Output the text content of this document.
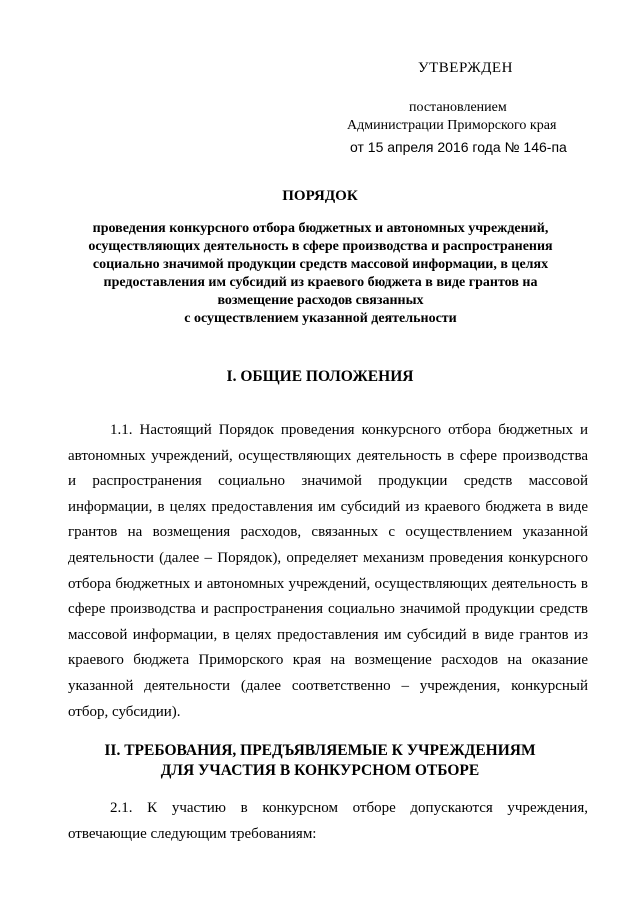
УТВЕРЖДЕН
постановлением
Администрации Приморского края
от 15 апреля 2016 года № 146-па
ПОРЯДОК
проведения конкурсного отбора бюджетных и автономных учреждений,
осуществляющих деятельность в сфере производства и распространения
социально значимой продукции средств массовой информации, в целях
предоставления им субсидий из краевого бюджета в виде грантов на
возмещение расходов связанных
с осуществлением указанной деятельности
I. ОБЩИЕ ПОЛОЖЕНИЯ
1.1. Настоящий Порядок проведения конкурсного отбора бюджетных и автономных учреждений, осуществляющих деятельность в сфере производства и распространения социально значимой продукции средств массовой информации, в целях предоставления им субсидий из краевого бюджета в виде грантов на возмещения расходов, связанных с осуществлением указанной деятельности (далее – Порядок), определяет механизм проведения конкурсного отбора бюджетных и автономных учреждений, осуществляющих деятельность в сфере производства и распространения социально значимой продукции средств массовой информации, в целях предоставления им субсидий в виде грантов из краевого бюджета Приморского края на возмещение расходов на оказание указанной деятельности (далее соответственно – учреждения, конкурсный отбор, субсидии).
II. ТРЕБОВАНИЯ, ПРЕДЪЯВЛЯЕМЫЕ К УЧРЕЖДЕНИЯМ
ДЛЯ УЧАСТИЯ В КОНКУРСНОМ ОТБОРЕ
2.1. К участию в конкурсном отборе допускаются учреждения, отвечающие следующим требованиям:
